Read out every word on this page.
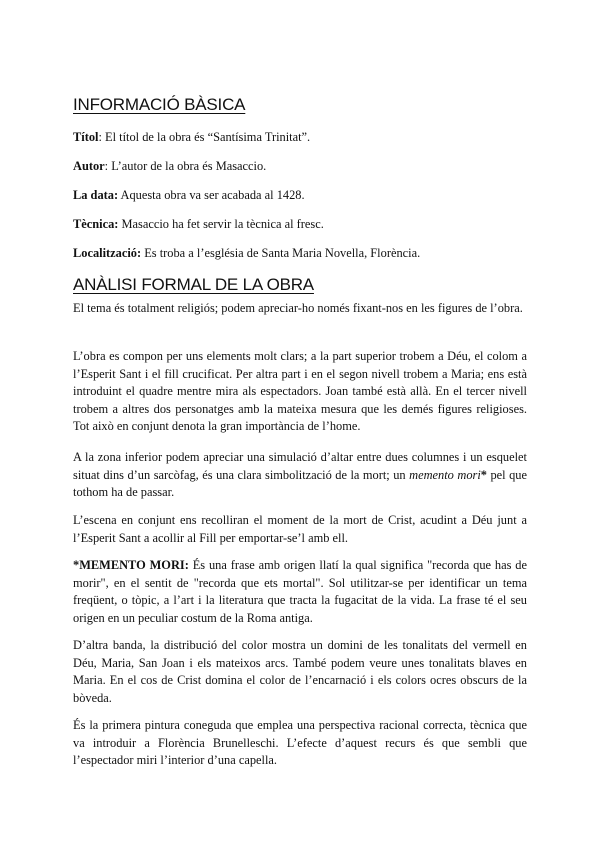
INFORMACIÓ BÀSICA
Títol: El títol de la obra és “Santísima Trinitat”.
Autor: L’autor de la obra és Masaccio.
La data: Aquesta obra va ser acabada al 1428.
Tècnica: Masaccio ha fet servir la tècnica al fresc.
Localització: Es troba a l’església de Santa Maria Novella, Florència.
ANÀLISI FORMAL DE LA OBRA

El tema és totalment religiós; podem apreciar-ho només fixant-nos en les figures de l’obra.

L’obra es compon per uns elements molt clars; a la part superior trobem a Déu, el colom a l’Esperit Sant i el fill crucificat. Per altra part i en el segon nivell trobem a Maria; ens està introduint el quadre mentre mira als espectadors. Joan també està allà. En el tercer nivell trobem a altres dos personatges amb la mateixa mesura que les demés figures religioses. Tot això en conjunt denota la gran importància de l’home.

A la zona inferior podem apreciar una simulació d’altar entre dues columnes i un esquelet situat dins d’un sarcòfag, és una clara simbolització de la mort; un memento mori* pel que tothom ha de passar.

L’escena en conjunt ens recolliran el moment de la mort de Crist, acudint a Déu junt a l’Esperit Sant a acollir al Fill per emportar-se’l amb ell.

*MEMENTO MORI: És una frase amb origen llatí la qual significa "recorda que has de morir", en el sentit de "recorda que ets mortal". Sol utilitzar-se per identificar un tema freqüent, o tòpic, a l’art i la literatura que tracta la fugacitat de la vida. La frase té el seu origen en un peculiar costum de la Roma antiga.

D’altra banda, la distribució del color mostra un domini de les tonalitats del vermell en Déu, Maria, San Joan i els mateixos arcs. També podem veure unes tonalitats blaves en Maria. En el cos de Crist domina el color de l’encarnació i els colors ocres obscurs de la bòveda.

És la primera pintura coneguda que emplea una perspectiva racional correcta, tècnica que va introduir a Florència Brunelleschi. L’efecte d’aquest recurs és que sembli que l’espectador miri l’interior d’una capella.
